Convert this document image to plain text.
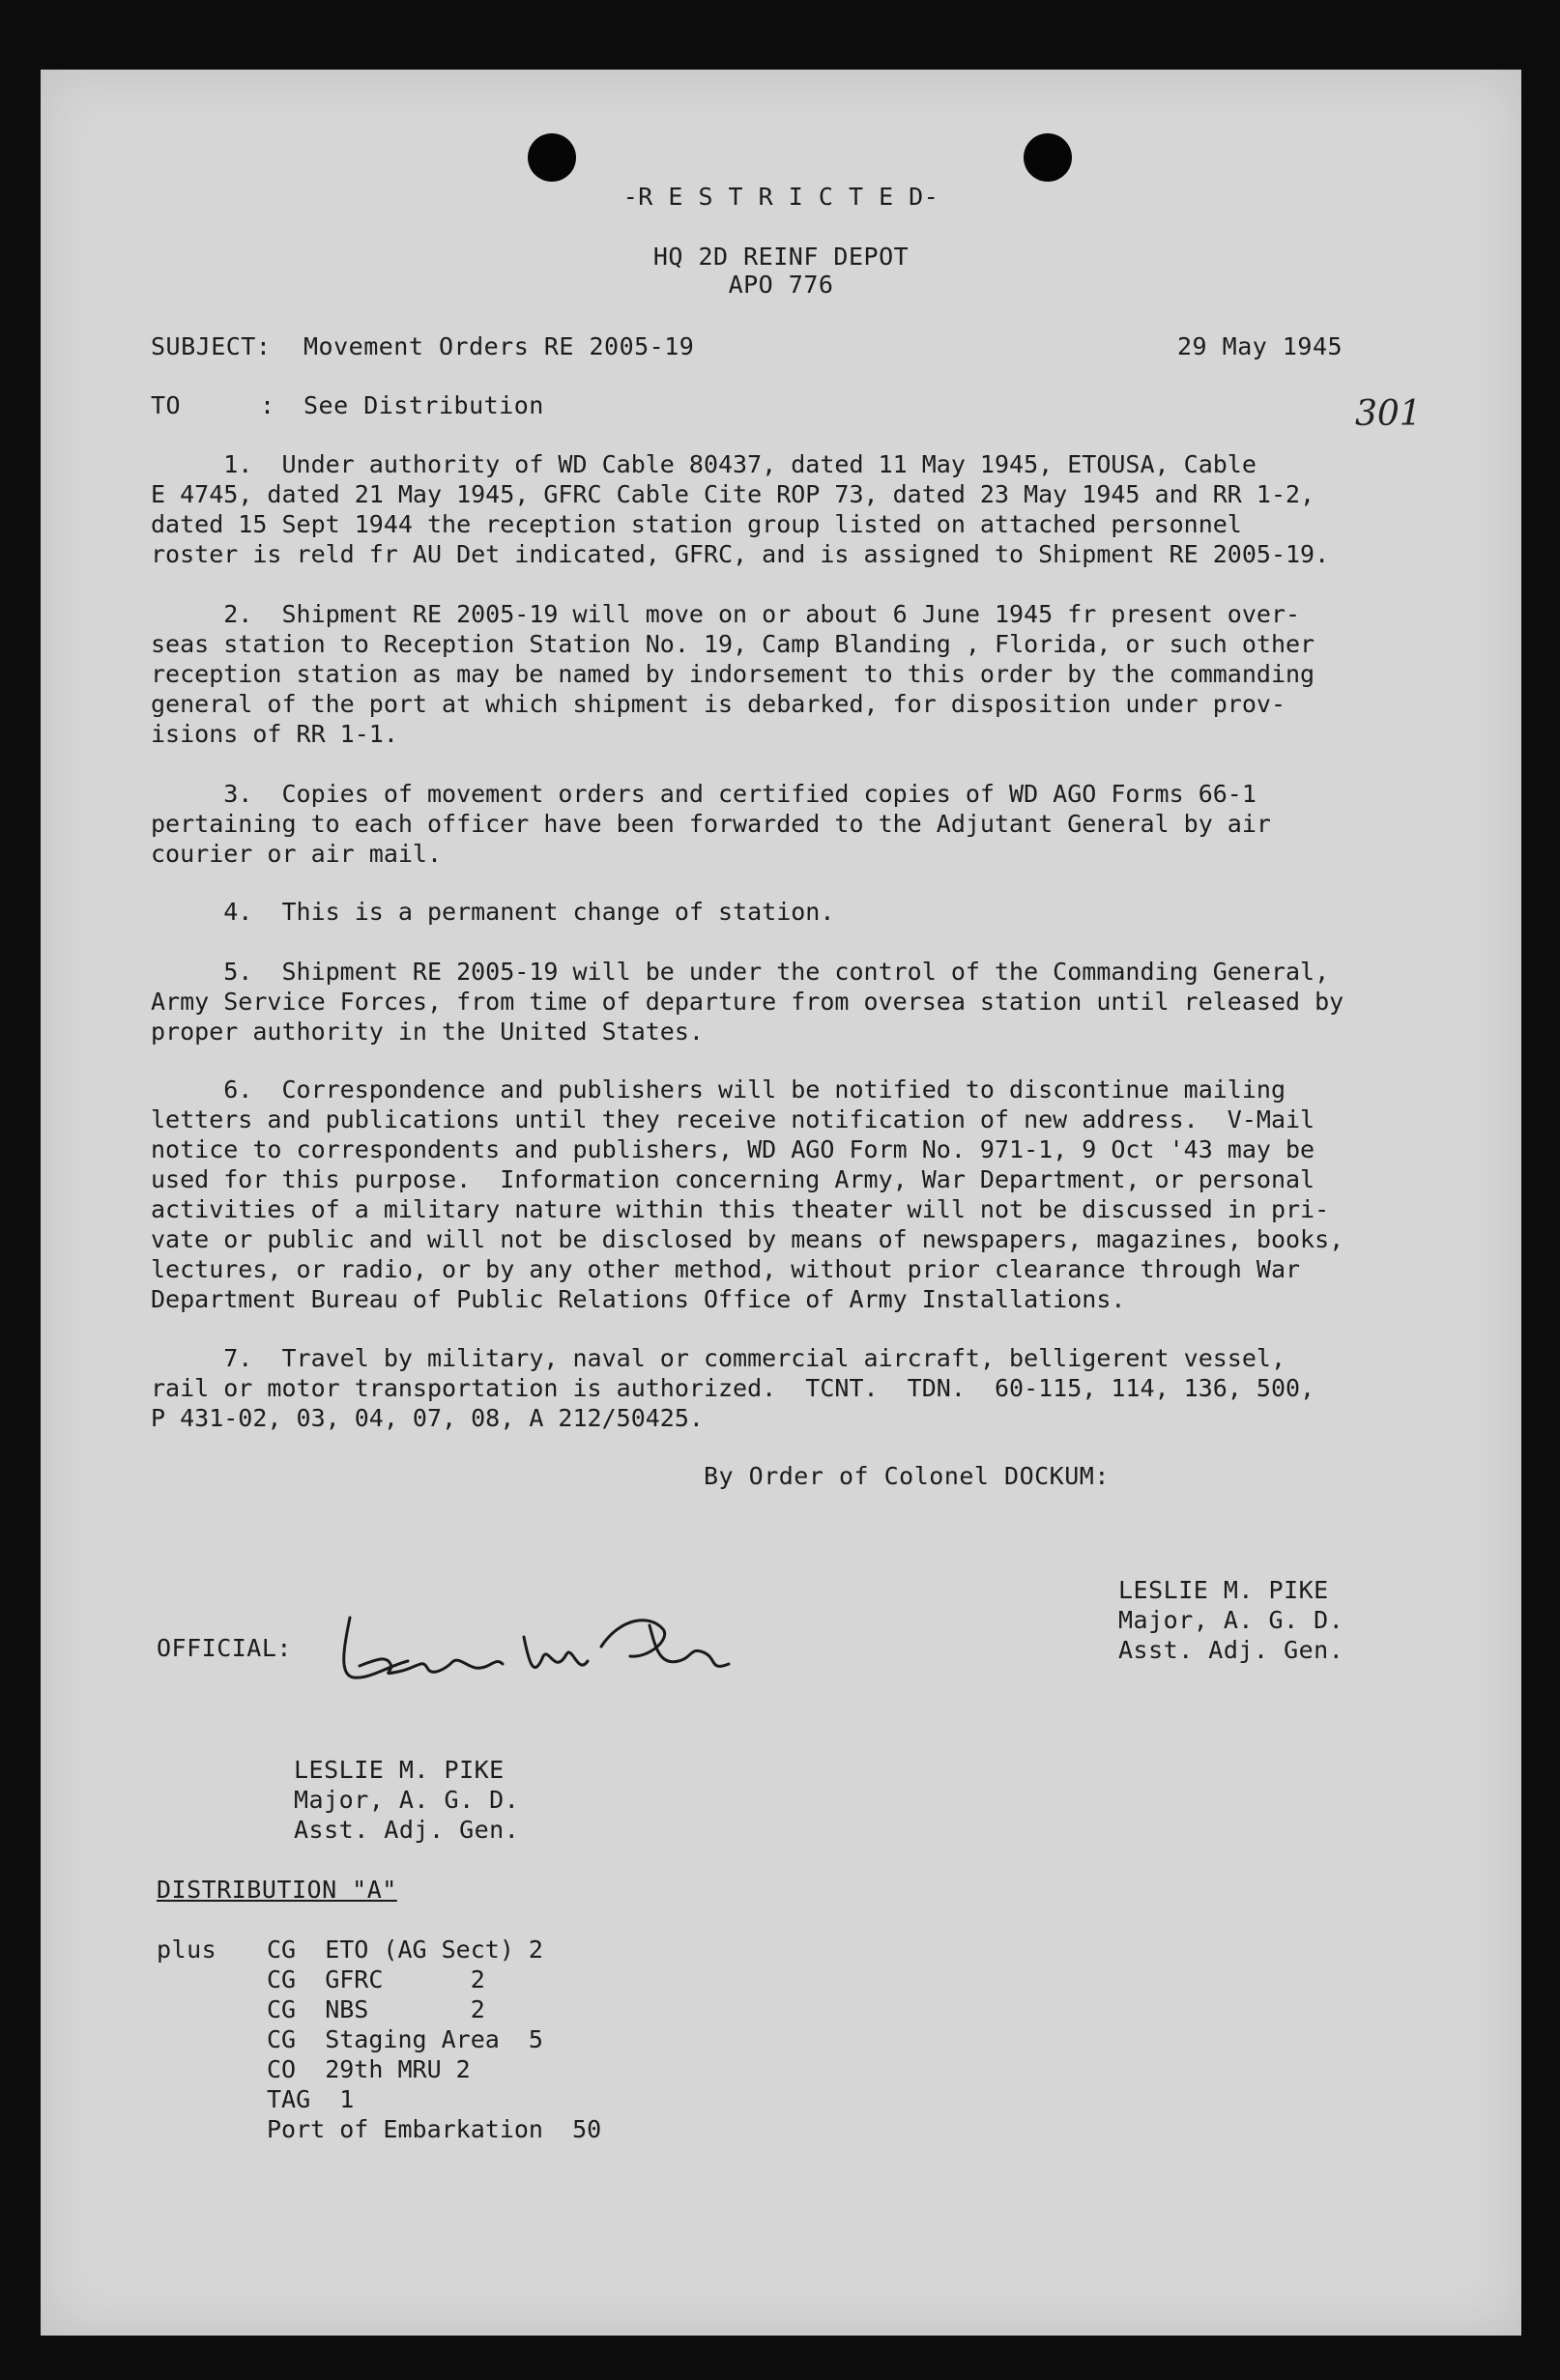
-R E S T R I C T E D-
HQ 2D REINF DEPOT
APO 776
SUBJECT: Movement Orders RE 2005-19	29 May 1945
TO	: See Distribution	301
1.  Under authority of WD Cable 80437, dated 11 May 1945, ETOUSA, Cable
E 4745, dated 21 May 1945, GFRC Cable Cite ROP 73, dated 23 May 1945 and RR 1-2,
dated 15 Sept 1944 the reception station group listed on attached personnel
roster is reld fr AU Det indicated, GFRC, and is assigned to Shipment RE 2005-19.
2.  Shipment RE 2005-19 will move on or about 6 June 1945 fr present over-
seas station to Reception Station No. 19, Camp Blanding , Florida, or such other
reception station as may be named by indorsement to this order by the commanding
general of the port at which shipment is debarked, for disposition under prov-
isions of RR 1-1.
3.  Copies of movement orders and certified copies of WD AGO Forms 66-1
pertaining to each officer have been forwarded to the Adjutant General by air
courier or air mail.
4.  This is a permanent change of station.
5.  Shipment RE 2005-19 will be under the control of the Commanding General,
Army Service Forces, from time of departure from oversea station until released by
proper authority in the United States.
6.  Correspondence and publishers will be notified to discontinue mailing
letters and publications until they receive notification of new address.  V-Mail
notice to correspondents and publishers, WD AGO Form No. 971-1, 9 Oct '43 may be
used for this purpose.  Information concerning Army, War Department, or personal
activities of a military nature within this theater will not be discussed in pri-
vate or public and will not be disclosed by means of newspapers, magazines, books,
lectures, or radio, or by any other method, without prior clearance through War
Department Bureau of Public Relations Office of Army Installations.
7.  Travel by military, naval or commercial aircraft, belligerent vessel,
rail or motor transportation is authorized.  TCNT.  TDN.  60-115, 114, 136, 500,
P 431-02, 03, 04, 07, 08, A 212/50425.
By Order of Colonel DOCKUM:
LESLIE M. PIKE
Major, A. G. D.
Asst. Adj. Gen.
OFFICIAL:
LESLIE M. PIKE
Major, A. G. D.
Asst. Adj. Gen.
DISTRIBUTION "A"
plus CG  ETO (AG Sect) 2
CG  GFRC      2
CG  NBS       2
CG  Staging Area  5
CO  29th MRU 2
TAG  1
Port of Embarkation  50
